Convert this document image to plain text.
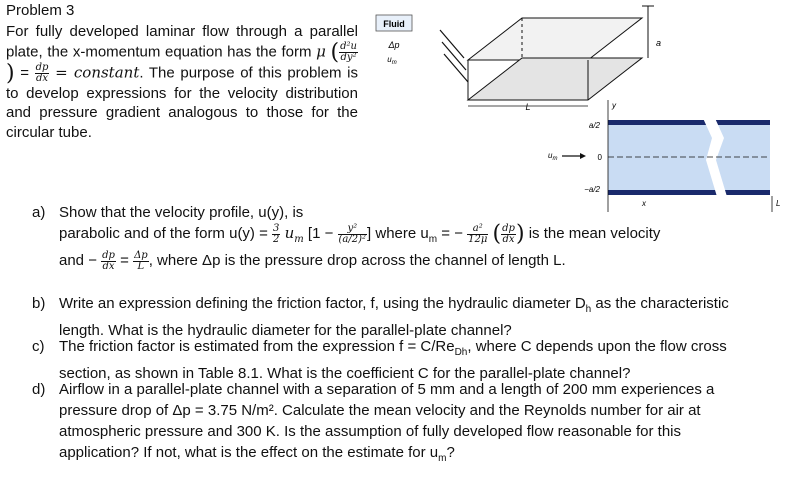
Problem 3

For fully developed laminar flow through a parallel plate, the x-momentum equation has the form μ ( $\frac{\text{d²u}}{\text{dy²}}$
) = $\frac{dp}{dx}$ = constant. The purpose of this problem is to develop expressions for the velocity distribution and pressure gradient analogous to those for the circular tube.

a) Show that the velocity profile, u(y), is
parabolic and of the form $u(y) = \frac{3}{2} u_m$ [$1 - \frac{\text{y²}}{\text{(a/2)²}}$ ] where $u_m$ = − $\frac{\text{a²}}{12\mu}$ ( $\frac{dp}{dx}$ ) is the mean velocity
and − $\frac{dp}{dx} = \frac{\Delta p}{L}$ , where Δp is the pressure drop across the channel of length L.
b) Write an expression defining the friction factor, f, using the hydraulic diameter $D_h$ as the characteristic length. What is the hydraulic diameter for the parallel-plate channel?
c) The friction factor is estimated from the expression $f = C/Re_{Dh}$, where C depends upon the flow cross section, as shown in Table 8.1. What is the coefficient C for the parallel-plate channel?
d) Airflow in a parallel-plate channel with a separation of 5 mm and a length of 200 mm experiences a pressure drop of Δp = 3.75 N/m². Calculate the mean velocity and the Reynolds number for air at atmospheric pressure and 300 K. Is the assumption of fully developed flow reasonable for this application? If not, what is the effect on the estimate for $u_m$?
Fluid
Δp
$u_m$
a
L	y
x
a/2
0
−a/2
$u_m$
L
